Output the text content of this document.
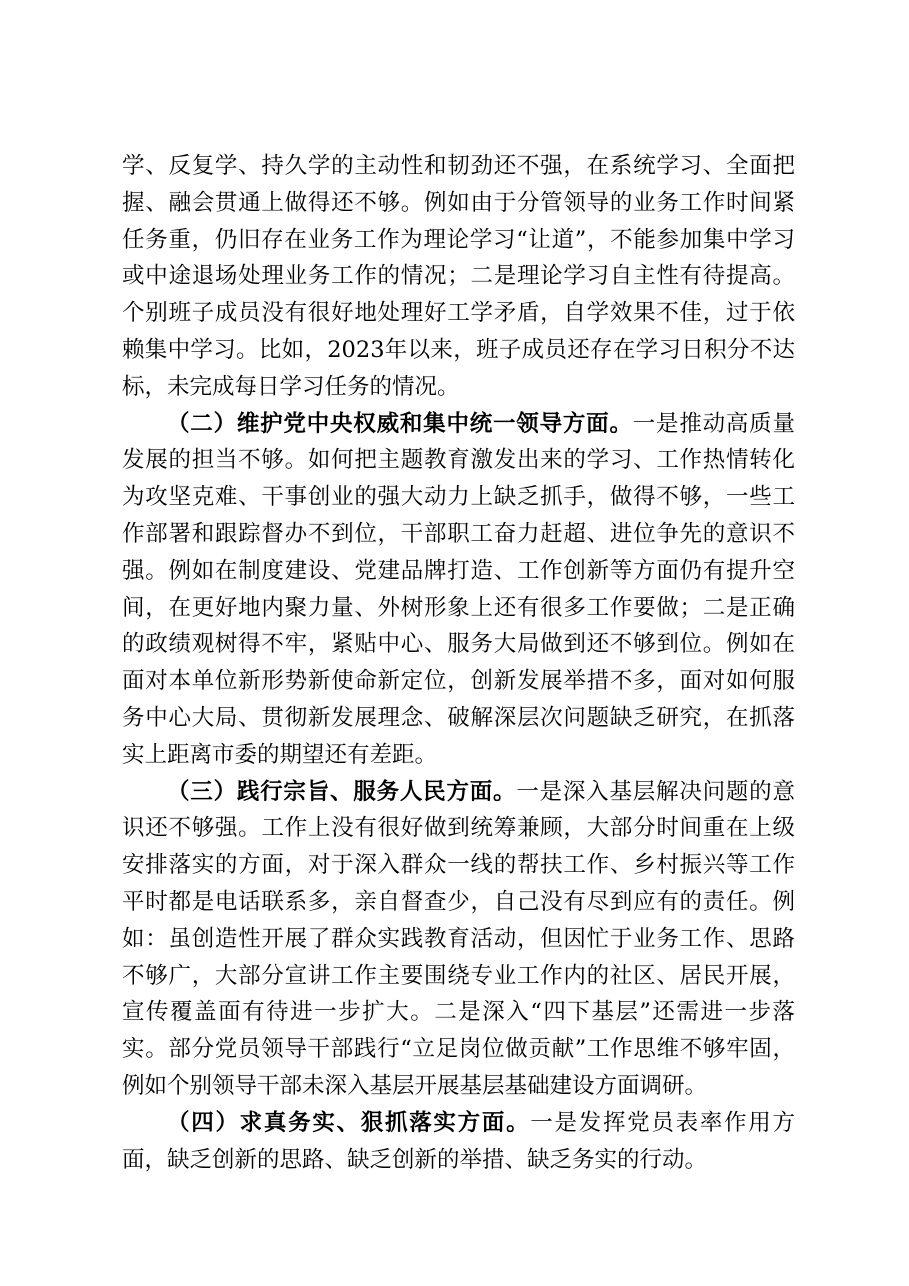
学、反复学、持久学的主动性和韧劲还不强，在系统学习、全面把握、融会贯通上做得还不够。例如由于分管领导的业务工作时间紧任务重，仍旧存在业务工作为理论学习“让道”，不能参加集中学习或中途退场处理业务工作的情况；二是理论学习自主性有待提高。个别班子成员没有很好地处理好工学矛盾，自学效果不佳，过于依赖集中学习。比如，2023年以来，班子成员还存在学习日积分不达标，未完成每日学习任务的情况。

（二）维护党中央权威和集中统一领导方面。一是推动高质量发展的担当不够。如何把主题教育激发出来的学习、工作热情转化为攻坚克难、干事创业的强大动力上缺乏抓手，做得不够，一些工作部署和跟踪督办不到位，干部职工奋力赶超、进位争先的意识不强。例如在制度建设、党建品牌打造、工作创新等方面仍有提升空间，在更好地内聚力量、外树形象上还有很多工作要做；二是正确的政绩观树得不牢，紧贴中心、服务大局做到还不够到位。例如在面对本单位新形势新使命新定位，创新发展举措不多，面对如何服务中心大局、贯彻新发展理念、破解深层次问题缺乏研究，在抓落实上距离市委的期望还有差距。

（三）践行宗旨、服务人民方面。一是深入基层解决问题的意识还不够强。工作上没有很好做到统筹兼顾，大部分时间重在上级安排落实的方面，对于深入群众一线的帮扶工作、乡村振兴等工作平时都是电话联系多，亲自督查少，自己没有尽到应有的责任。例如：虽创造性开展了群众实践教育活动，但因忙于业务工作、思路不够广，大部分宣讲工作主要围绕专业工作内的社区、居民开展，宣传覆盖面有待进一步扩大。二是深入“四下基层”还需进一步落实。部分党员领导干部践行“立足岗位做贡献”工作思维不够牢固，例如个别领导干部未深入基层开展基层基础建设方面调研。

（四）求真务实、狠抓落实方面。一是发挥党员表率作用方面，缺乏创新的思路、缺乏创新的举措、缺乏务实的行动。
